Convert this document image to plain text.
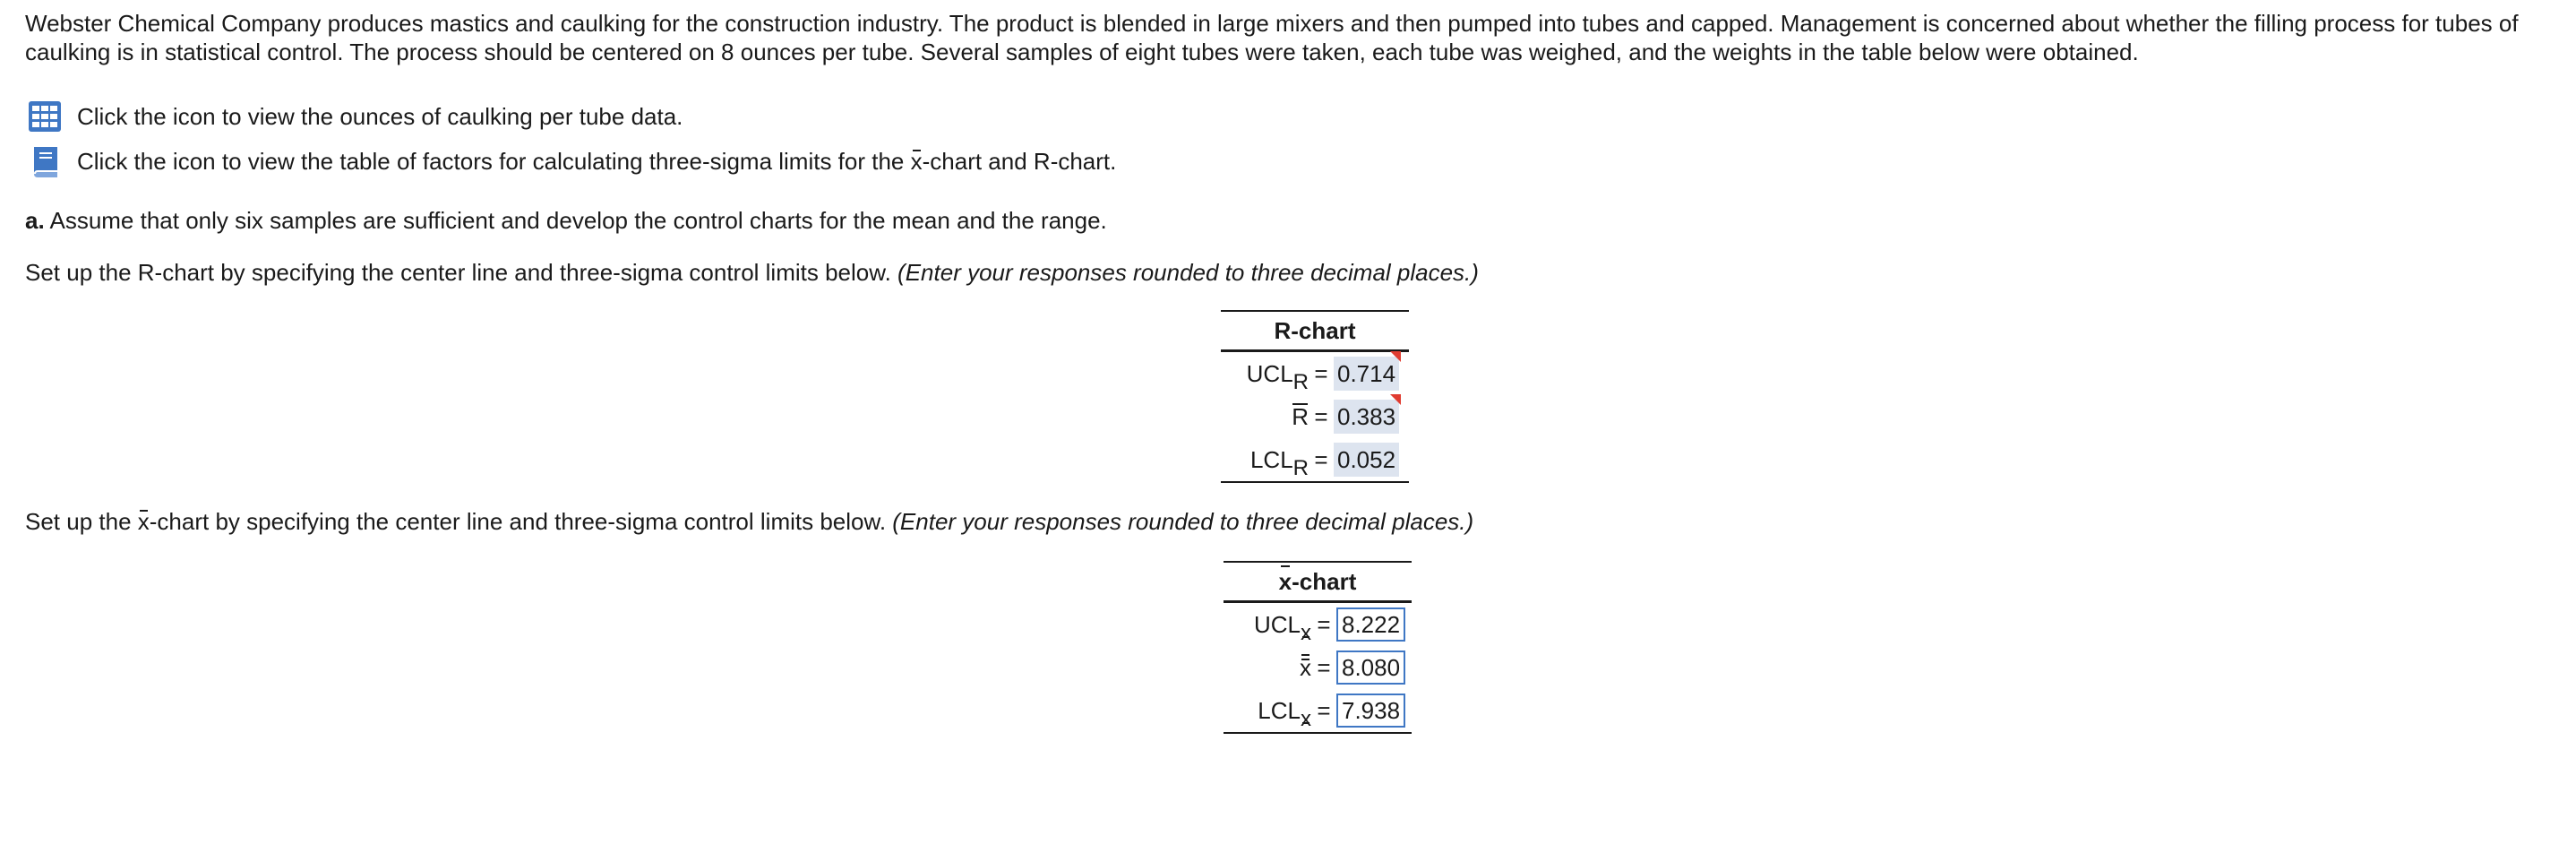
Webster Chemical Company produces mastics and caulking for the construction industry. The product is blended in large mixers and then pumped into tubes and capped. Management is concerned about whether the filling process for tubes of caulking is in statistical control. The process should be centered on 8 ounces per tube. Several samples of eight tubes were taken, each tube was weighed, and the weights in the table below were obtained.
Click the icon to view the ounces of caulking per tube data.
Click the icon to view the table of factors for calculating three-sigma limits for the x-chart and R-chart.
a. Assume that only six samples are sufficient and develop the control charts for the mean and the range.
Set up the R-chart by specifying the center line and three-sigma control limits below. (Enter your responses rounded to three decimal places.)
R-chart
$UCL_R = 0.714$
R = 0.383
$LCL_R = 0.052$
Set up the x-chart by specifying the center line and three-sigma control limits below. (Enter your responses rounded to three decimal places.)
x-chart
$UCL_x = 8.222$
x = 8.080
$LCL_x = 7.938$
